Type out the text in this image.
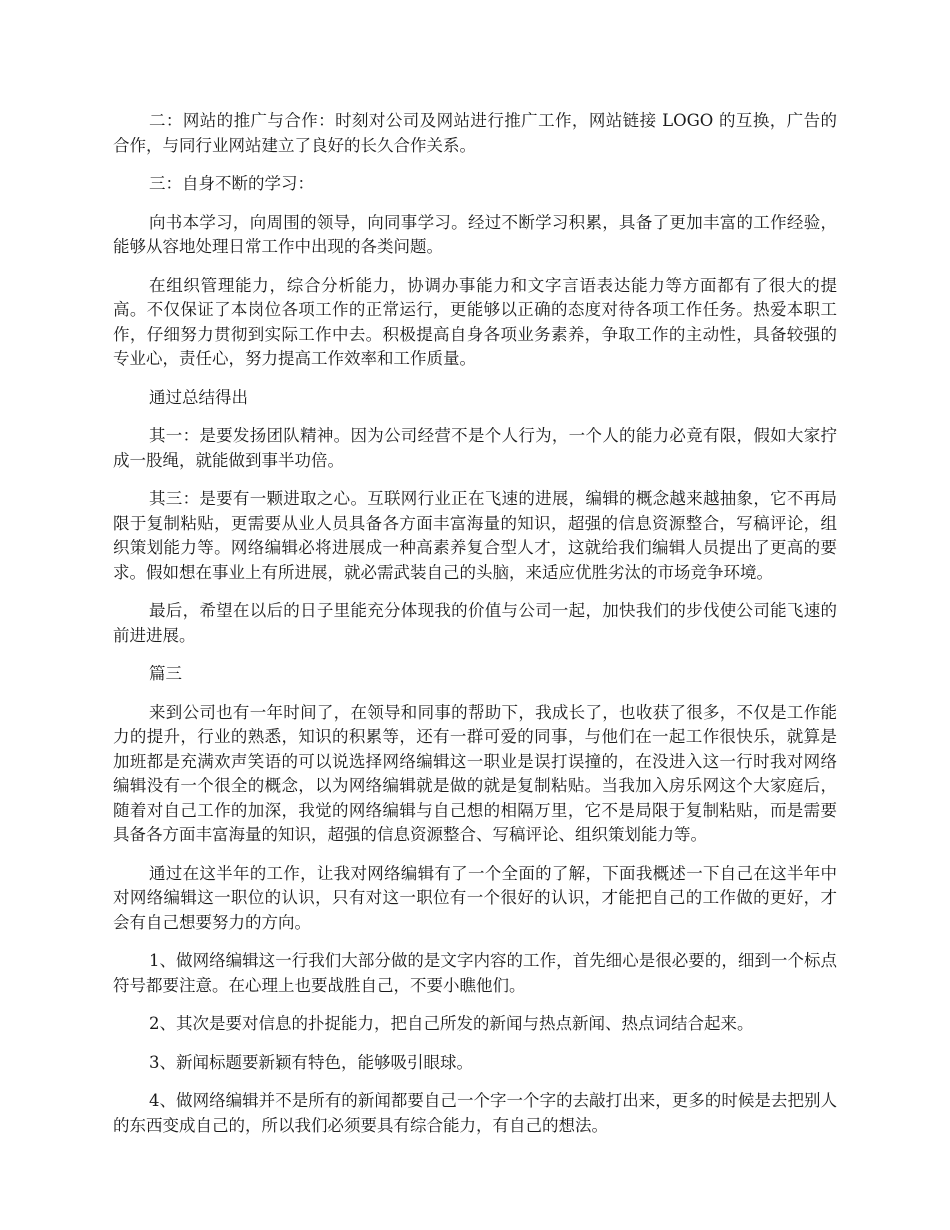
二：网站的推广与合作：时刻对公司及网站进行推广工作，网站链接 LOGO 的互换，广告的合作，与同行业网站建立了良好的长久合作关系。

三：自身不断的学习：

向书本学习，向周围的领导，向同事学习。经过不断学习积累，具备了更加丰富的工作经验，能够从容地处理日常工作中出现的各类问题。

在组织管理能力，综合分析能力，协调办事能力和文字言语表达能力等方面都有了很大的提高。不仅保证了本岗位各项工作的正常运行，更能够以正确的态度对待各项工作任务。热爱本职工作，仔细努力贯彻到实际工作中去。积极提高自身各项业务素养，争取工作的主动性，具备较强的专业心，责任心，努力提高工作效率和工作质量。

通过总结得出

其一：是要发扬团队精神。因为公司经营不是个人行为，一个人的能力必竟有限，假如大家拧成一股绳，就能做到事半功倍。

其三：是要有一颗进取之心。互联网行业正在飞速的进展，编辑的概念越来越抽象，它不再局限于复制粘贴，更需要从业人员具备各方面丰富海量的知识，超强的信息资源整合，写稿评论，组织策划能力等。网络编辑必将进展成一种高素养复合型人才，这就给我们编辑人员提出了更高的要求。假如想在事业上有所进展，就必需武装自己的头脑，来适应优胜劣汰的市场竞争环境。

最后，希望在以后的日子里能充分体现我的价值与公司一起，加快我们的步伐使公司能飞速的前进进展。

篇三

来到公司也有一年时间了，在领导和同事的帮助下，我成长了，也收获了很多，不仅是工作能力的提升，行业的熟悉，知识的积累等，还有一群可爱的同事，与他们在一起工作很快乐，就算是加班都是充满欢声笑语的可以说选择网络编辑这一职业是误打误撞的，在没进入这一行时我对网络编辑没有一个很全的概念，以为网络编辑就是做的就是复制粘贴。当我加入房乐网这个大家庭后，随着对自己工作的加深，我觉的网络编辑与自己想的相隔万里，它不是局限于复制粘贴，而是需要具备各方面丰富海量的知识，超强的信息资源整合、写稿评论、组织策划能力等。

通过在这半年的工作，让我对网络编辑有了一个全面的了解，下面我概述一下自己在这半年中对网络编辑这一职位的认识，只有对这一职位有一个很好的认识，才能把自己的工作做的更好，才会有自己想要努力的方向。

1、做网络编辑这一行我们大部分做的是文字内容的工作，首先细心是很必要的，细到一个标点符号都要注意。在心理上也要战胜自己，不要小瞧他们。

2、其次是要对信息的扑捉能力，把自己所发的新闻与热点新闻、热点词结合起来。

3、新闻标题要新颖有特色，能够吸引眼球。

4、做网络编辑并不是所有的新闻都要自己一个字一个字的去敲打出来，更多的时候是去把别人的东西变成自己的，所以我们必须要具有综合能力，有自己的想法。
